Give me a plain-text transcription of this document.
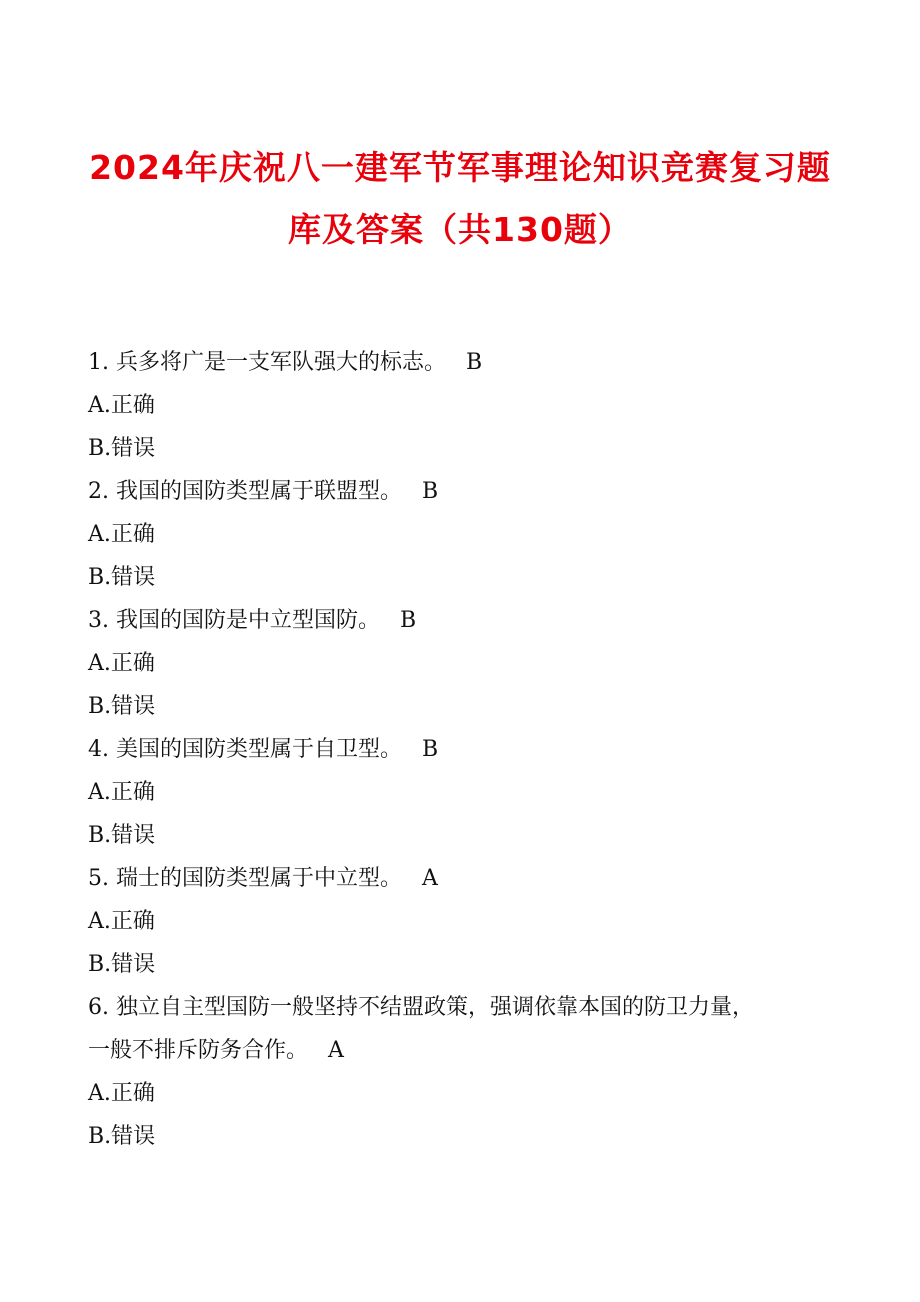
2024年庆祝八一建军节军事理论知识竞赛复习题
库及答案（共130题）
1. 兵多将广是一支军队强大的标志。 B
A.正确
B.错误
2. 我国的国防类型属于联盟型。 B
A.正确
B.错误
3. 我国的国防是中立型国防。 B
A.正确
B.错误
4. 美国的国防类型属于自卫型。 B
A.正确
B.错误
5. 瑞士的国防类型属于中立型。 A
A.正确
B.错误
6. 独立自主型国防一般坚持不结盟政策，强调依靠本国的防卫力量，
一般不排斥防务合作。 A
A.正确
B.错误
